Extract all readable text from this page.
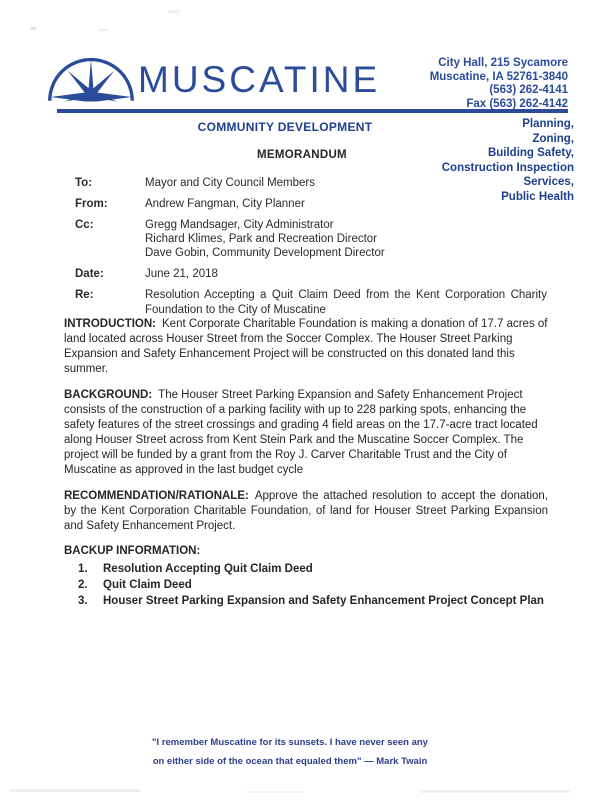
MUSCATINE	City Hall, 215 Sycamore
Muscatine, IA 52761-3840
(563) 262-4141
Fax (563) 262-4142
COMMUNITY DEVELOPMENT	Planning,
Zoning,
Building Safety,
Construction Inspection
Services,
Public Health
MEMORANDUM
To:	Mayor and City Council Members
From:	Andrew Fangman, City Planner
Cc:	Gregg Mandsager, City Administrator
Richard Klimes, Park and Recreation Director
Dave Gobin, Community Development Director
Date:	June 21, 2018
Re:	Resolution Accepting a Quit Claim Deed from the Kent Corporation Charity Foundation to the City of Muscatine

INTRODUCTION: Kent Corporate Charitable Foundation is making a donation of 17.7 acres of land located across Houser Street from the Soccer Complex. The Houser Street Parking Expansion and Safety Enhancement Project will be constructed on this donated land this summer.

BACKGROUND: The Houser Street Parking Expansion and Safety Enhancement Project consists of the construction of a parking facility with up to 228 parking spots, enhancing the safety features of the street crossings and grading 4 field areas on the 17.7-acre tract located along Houser Street across from Kent Stein Park and the Muscatine Soccer Complex. The project will be funded by a grant from the Roy J. Carver Charitable Trust and the City of Muscatine as approved in the last budget cycle

RECOMMENDATION/RATIONALE: Approve the attached resolution to accept the donation, by the Kent Corporation Charitable Foundation, of land for Houser Street Parking Expansion and Safety Enhancement Project.

BACKUP INFORMATION:

1.	Resolution Accepting Quit Claim Deed
2.	Quit Claim Deed
3.	Houser Street Parking Expansion and Safety Enhancement Project Concept Plan
"I remember Muscatine for its sunsets. I have never seen any
on either side of the ocean that equaled them" — Mark Twain
